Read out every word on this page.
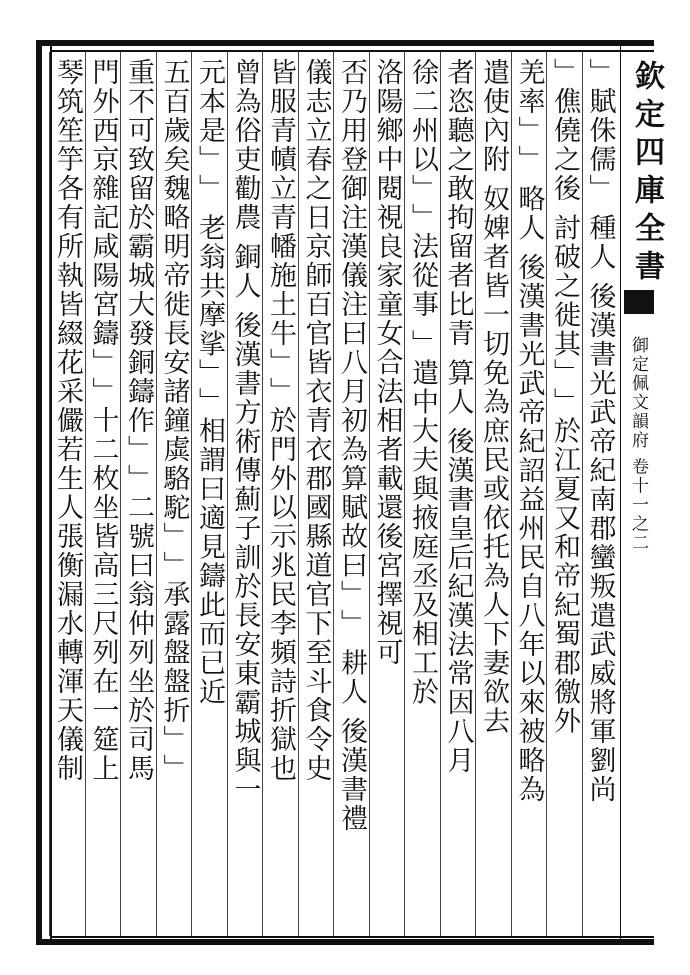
欽定四庫全書
御定佩文韻府 卷十一之二
﹂賦侏儒﹂ 種人 後漢書光武帝紀南郡蠻叛遣武威將軍劉尚
﹂僬僥之後 討破之徙其﹂﹂於江夏又和帝紀蜀郡徼外
羌率﹂﹂ 略人 後漢書光武帝紀詔益州民自八年以來被略為
遣使內附 奴婢者皆一切免為庶民或依托為人下妻欲去
者恣聽之敢拘留者比青 算人 後漢書皇后紀漢法常因八月
徐二州以﹂﹂法從事 ﹂遣中大夫與掖庭丞及相工於
洛陽鄉中閱視良家童女合法相者載還後宮擇視可
否乃用登御注漢儀注曰八月初為算賦故曰﹂﹂ 耕人 後漢書禮
儀志立春之日京師百官皆衣青衣郡國縣道官下至斗食令史
皆服青幘立青幡施土牛﹂﹂於門外以示兆民李頻詩折獄也
曾為俗吏勸農 銅人 後漢書方術傳薊子訓於長安東霸城與一
元本是﹂﹂ 老翁共摩挲﹂﹂相謂曰適見鑄此而已近
五百歲矣魏略明帝徙長安諸鐘虡駱駝﹂﹂承露盤盤折﹂﹂
重不可致留於霸城大發銅鑄作﹂﹂二號曰翁仲列坐於司馬
門外西京雜記咸陽宮鑄﹂﹂十二枚坐皆高三尺列在一筵上
琴筑笙竽各有所執皆綴花采儼若生人張衡漏水轉渾天儀制
